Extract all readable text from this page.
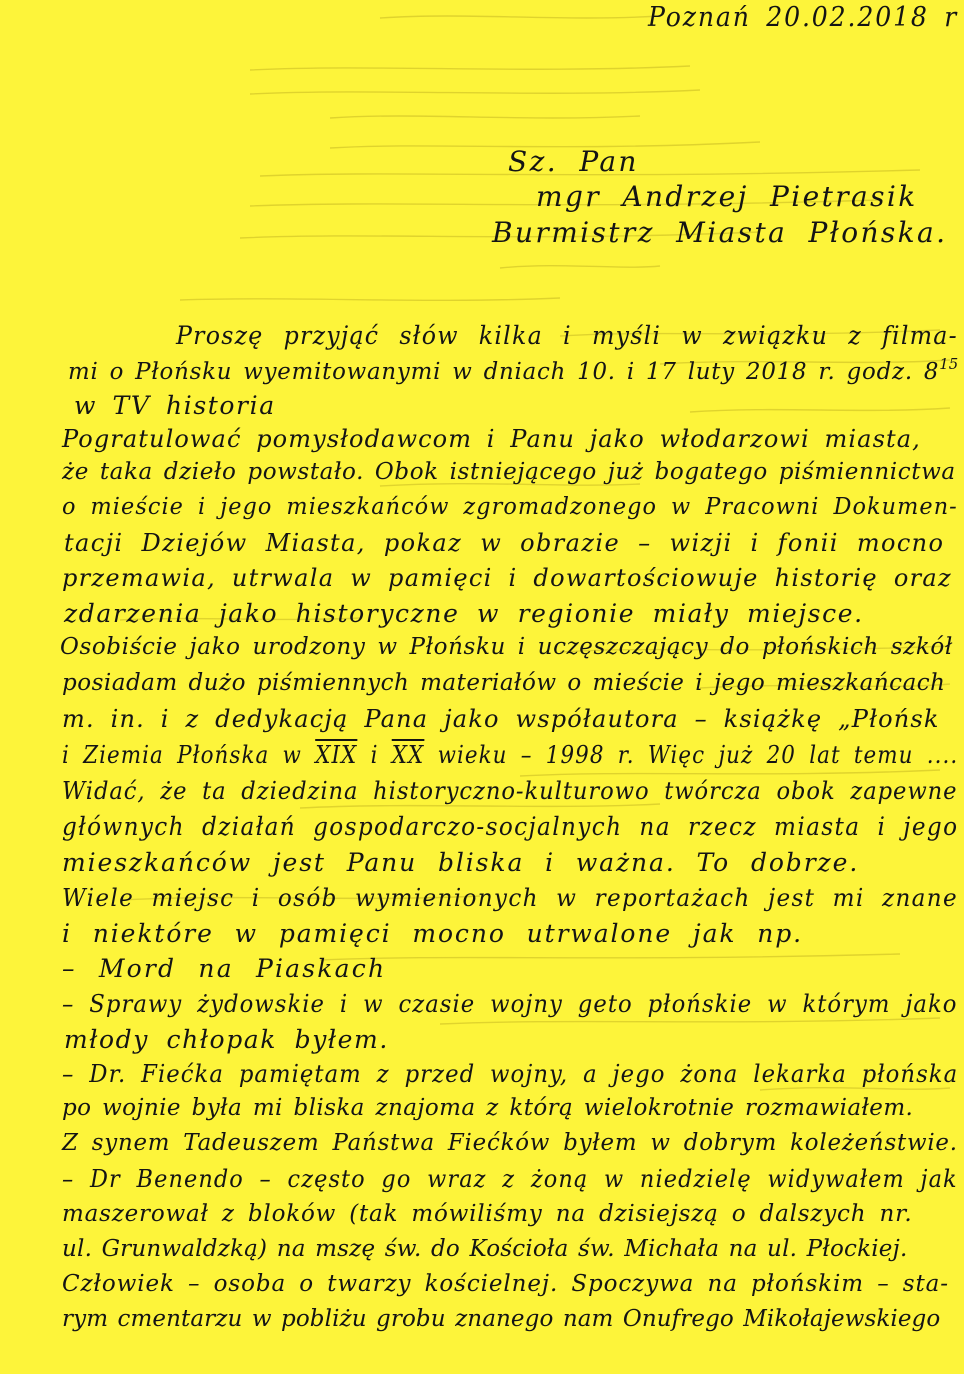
Poznań 20.02.2018 r
Sz. Pan
mgr Andrzej Pietrasik
Burmistrz Miasta Płońska.
Proszę przyjąć słów kilka i myśli w związku z filma-
mi o Płońsku wyemitowanymi w dniach 10. i 17 luty 2018 r. godz. $8^{15}$
w TV historia
Pogratulować pomysłodawcom i Panu jako włodarzowi miasta,
że taka dzieło powstało. Obok istniejącego już bogatego piśmiennictwa
o mieście i jego mieszkańców zgromadzonego w Pracowni Dokumen-
tacji Dziejów Miasta, pokaz w obrazie – wizji i fonii mocno
przemawia, utrwala w pamięci i dowartościowuje historię oraz
zdarzenia jako historyczne w regionie miały miejsce.
Osobiście jako urodzony w Płońsku i uczęszczający do płońskich szkół
posiadam dużo piśmiennych materiałów o mieście i jego mieszkańcach
m. in. i z dedykacją Pana jako współautora – książkę „Płońsk
i Ziemia Płońska w $\overline{XIX}$ i $\overline{XX}$ wieku – 1998 r. Więc już 20 lat temu ....
Widać, że ta dziedzina historyczno-kulturowo twórcza obok zapewne
głównych działań gospodarczo-socjalnych na rzecz miasta i jego
mieszkańców jest Panu bliska i ważna. To dobrze.
Wiele miejsc i osób wymienionych w reportażach jest mi znane
i niektóre w pamięci mocno utrwalone jak np.
– Mord na Piaskach
– Sprawy żydowskie i w czasie wojny geto płońskie w którym jako
młody chłopak byłem.
– Dr. Fiećka pamiętam z przed wojny, a jego żona lekarka płońska
po wojnie była mi bliska znajoma z którą wielokrotnie rozmawiałem.
Z synem Tadeuszem Państwa Fiećków byłem w dobrym koleżeństwie.
– Dr Benendo – często go wraz z żoną w niedzielę widywałem jak
maszerował z bloków (tak mówiliśmy na dzisiejszą o dalszych nr.
ul. Grunwaldzką) na mszę św. do Kościoła św. Michała na ul. Płockiej.
Człowiek – osoba o twarzy kościelnej. Spoczywa na płońskim – sta-
rym cmentarzu w pobliżu grobu znanego nam Onufrego Mikołajewskiego
